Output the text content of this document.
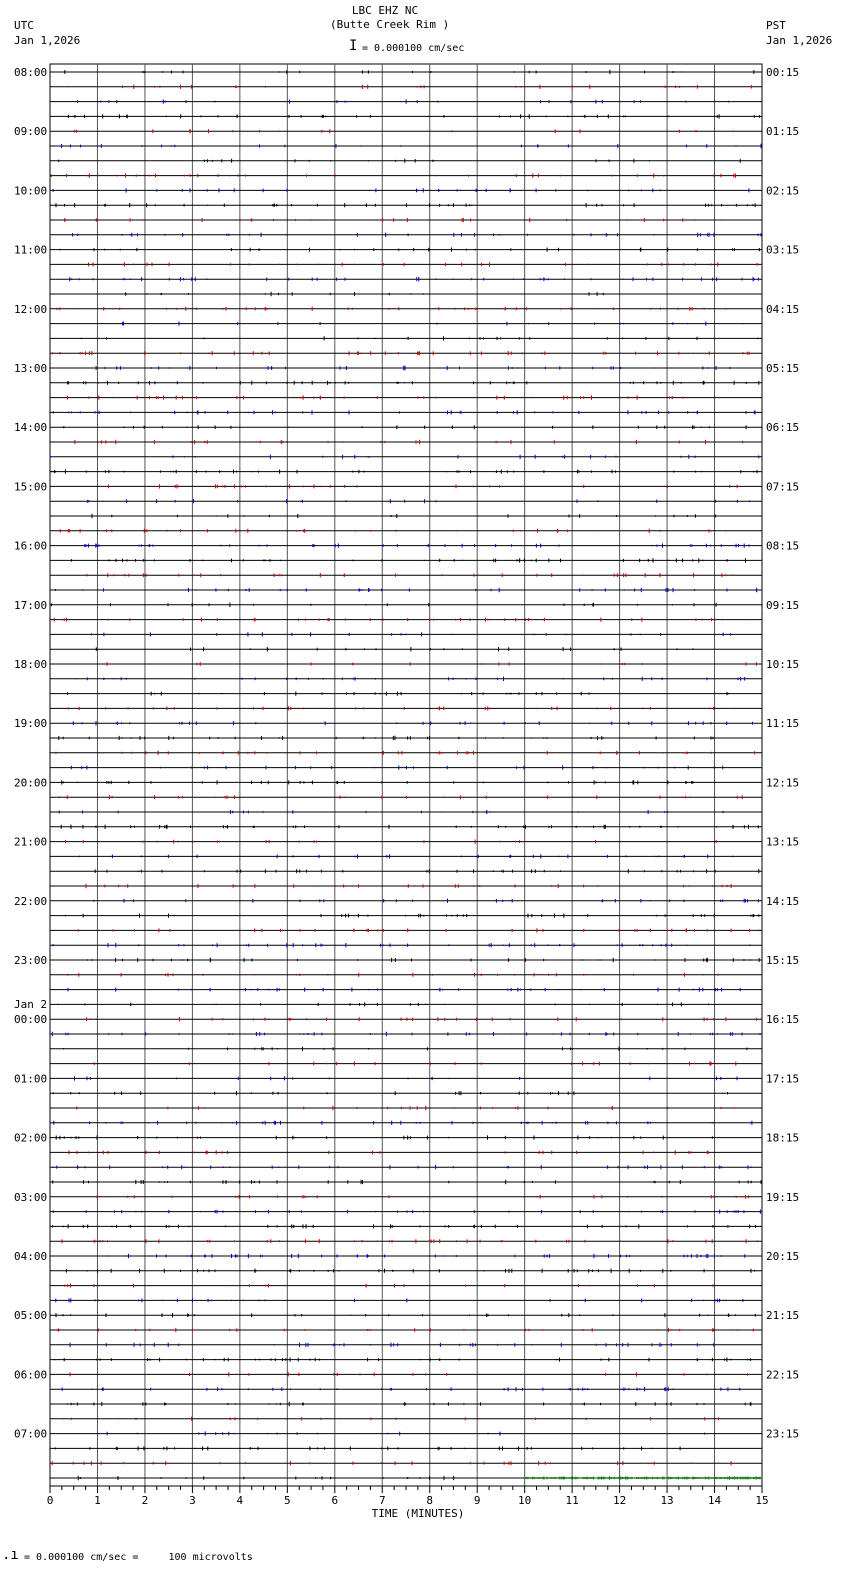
LBC EHZ NC
(Butte Creek Rim )
I = 0.000100 cm/sec
UTC
Jan 1,2026
PST
Jan 1,2026
08:00
09:00
10:00
11:00
12:00
13:00
14:00
15:00
16:00
17:00
18:00
19:00
20:00
21:00
22:00
23:00
Jan 2
00:00
01:00
02:00
03:00
04:00
05:00
06:00
07:00
00:15
01:15
02:15
03:15
04:15
05:15
06:15
07:15
08:15
09:15
10:15
11:15
12:15
13:15
14:15
15:15
16:15
17:15
18:15
19:15
20:15
21:15
22:15
23:15
0	1	2	3	4	5	6	7	8	9	10	11	12	13	14	15
TIME (MINUTES)
.ı = 0.000100 cm/sec =     100 microvolts
